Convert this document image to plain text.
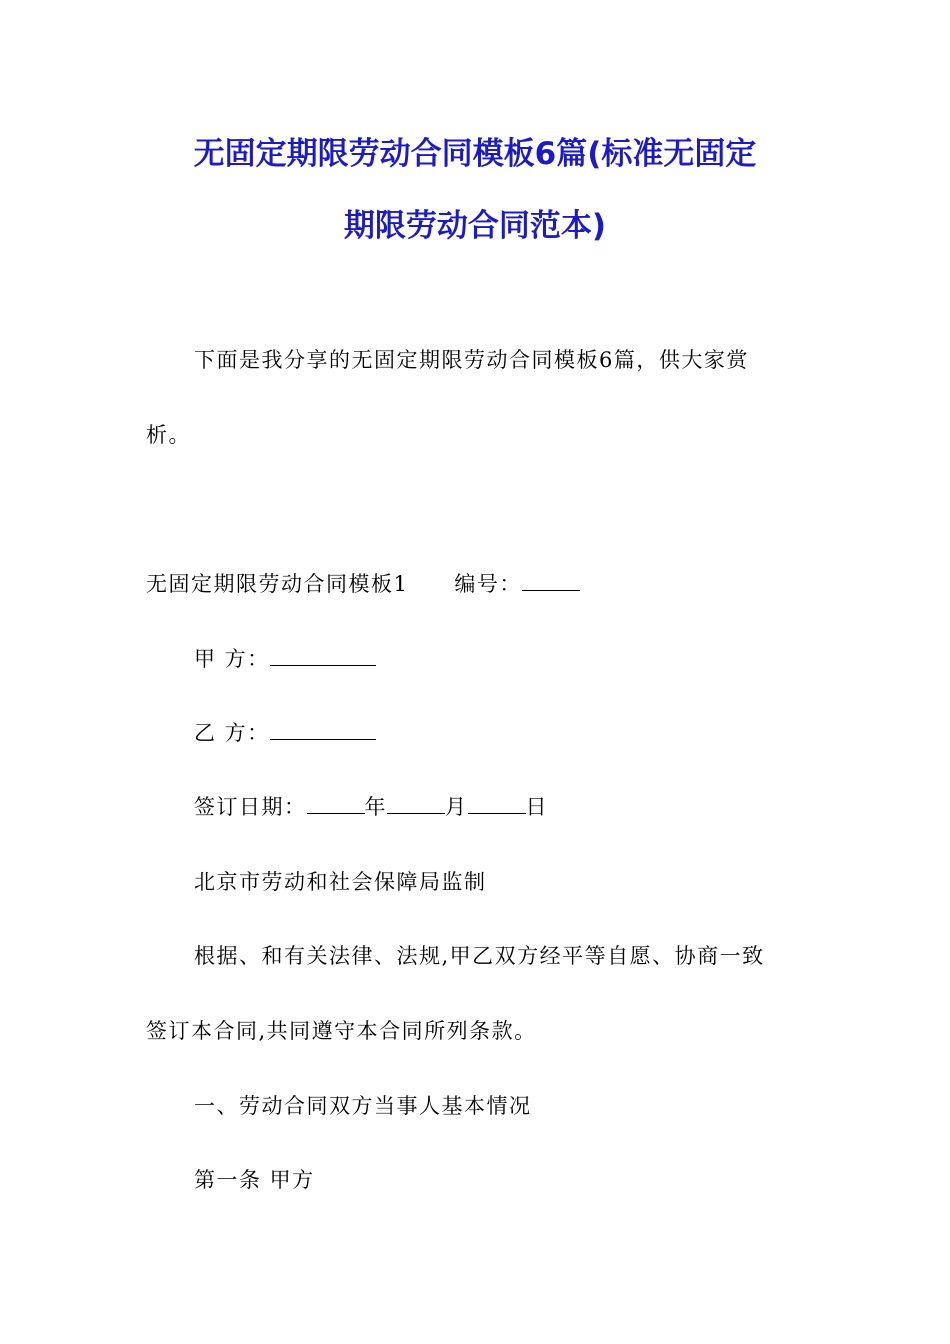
无固定期限劳动合同模板6篇(标准无固定
期限劳动合同范本)
下面是我分享的无固定期限劳动合同模板6篇，供大家赏
析。
无固定期限劳动合同模板1 编号：
甲 方：
乙 方：
签订日期：	年	月	日
北京市劳动和社会保障局监制
根据、和有关法律、法规,甲乙双方经平等自愿、协商一致
签订本合同,共同遵守本合同所列条款。
一、劳动合同双方当事人基本情况
第一条 甲方
